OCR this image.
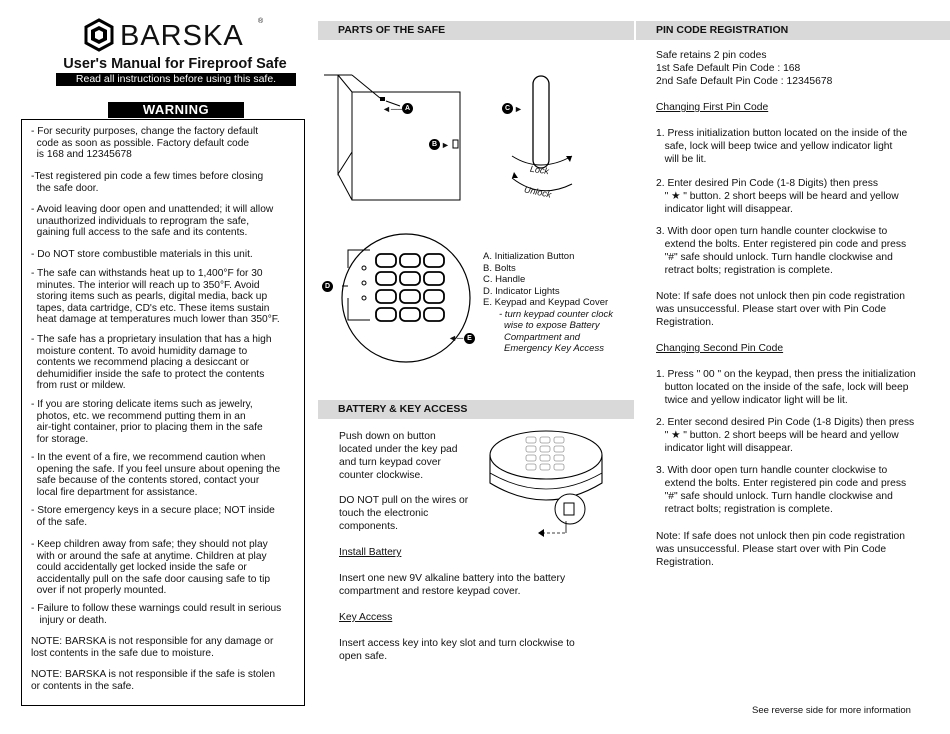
BARSKA ®
User's Manual for Fireproof Safe
Read all instructions before using this safe.
WARNING

- For security purposes, change the factory default
code as soon as possible. Factory default code
is 168 and 12345678

-Test registered pin code a few times before closing
the safe door.

- Avoid leaving door open and unattended; it will allow
unauthorized individuals to reprogram the safe,
gaining full access to the safe and its contents.

- Do NOT store combustible materials in this unit.

- The safe can withstands heat up to 1,400°F for 30
minutes. The interior will reach up to 350°F. Avoid
storing items such as pearls, digital media, back up
tapes, data cartridge, CD's etc. These items sustain
heat damage at temperatures much lower than 350°F.

- The safe has a proprietary insulation that has a high
moisture content. To avoid humidity damage to
contents we recommend placing a desiccant or
dehumidifier inside the safe to protect the contents
from rust or mildew.

- If you are storing delicate items such as jewelry,
photos, etc. we recommend putting them in an
air-tight container, prior to placing them in the safe
for storage.

- In the event of a fire, we recommend caution when
opening the safe. If you feel unsure about opening the
safe because of the contents stored, contact your
local fire department for assistance.

- Store emergency keys in a secure place; NOT inside
of the safe.

- Keep children away from safe; they should not play
with or around the safe at anytime. Children at play
could accidentally get locked inside the safe or
accidentally pull on the safe door causing safe to tip
over if not properly mounted.

- Failure to follow these warnings could result in serious
injury or death.

NOTE: BARSKA is not responsible for any damage or
lost contents in the safe due to moisture.

NOTE: BARSKA is not responsible if the safe is stolen
or contents in the safe.

PARTS OF THE SAFE
A
◄──
B ►
C ►
Lock
Unlock
D
E
◄─
A. Initialization Button
B. Bolts
C. Handle
D. Indicator Lights
E. Keypad and Keypad Cover
- turn keypad counter clock
wise to expose Battery
Compartment and
Emergency Key Access
BATTERY & KEY ACCESS

Push down on button
located under the key pad
and turn keypad cover
counter clockwise.

DO NOT pull on the wires or
touch the electronic
components.

Install Battery

Insert one new 9V alkaline battery into the battery
compartment and restore keypad cover.

Key Access

Insert access key into key slot and turn clockwise to
open safe.

PIN CODE REGISTRATION

Safe retains 2 pin codes
1st Safe Default Pin Code : 168
2nd Safe Default Pin Code : 12345678

Changing First Pin Code

1. Press initialization button located on the inside of the
safe, lock will beep twice and yellow indicator light
will be lit.

2. Enter desired Pin Code (1-8 Digits) then press
" ★ " button. 2 short beeps will be heard and yellow
indicator light will disappear.

3. With door open turn handle counter clockwise to
extend the bolts. Enter registered pin code and press
"#" safe should unlock. Turn handle clockwise and
retract bolts; registration is complete.

Note: If safe does not unlock then pin code registration
was unsuccessful. Please start over with Pin Code
Registration.

Changing Second Pin Code

1. Press " 00 " on the keypad, then press the initialization
button located on the inside of the safe, lock will beep
twice and yellow indicator light will be lit.

2. Enter second desired Pin Code (1-8 Digits) then press
" ★ " button. 2 short beeps will be heard and yellow
indicator light will disappear.

3. With door open turn handle counter clockwise to
extend the bolts. Enter registered pin code and press
"#" safe should unlock. Turn handle clockwise and
retract bolts; registration is complete.

Note: If safe does not unlock then pin code registration
was unsuccessful. Please start over with Pin Code
Registration.

See reverse side for more information
